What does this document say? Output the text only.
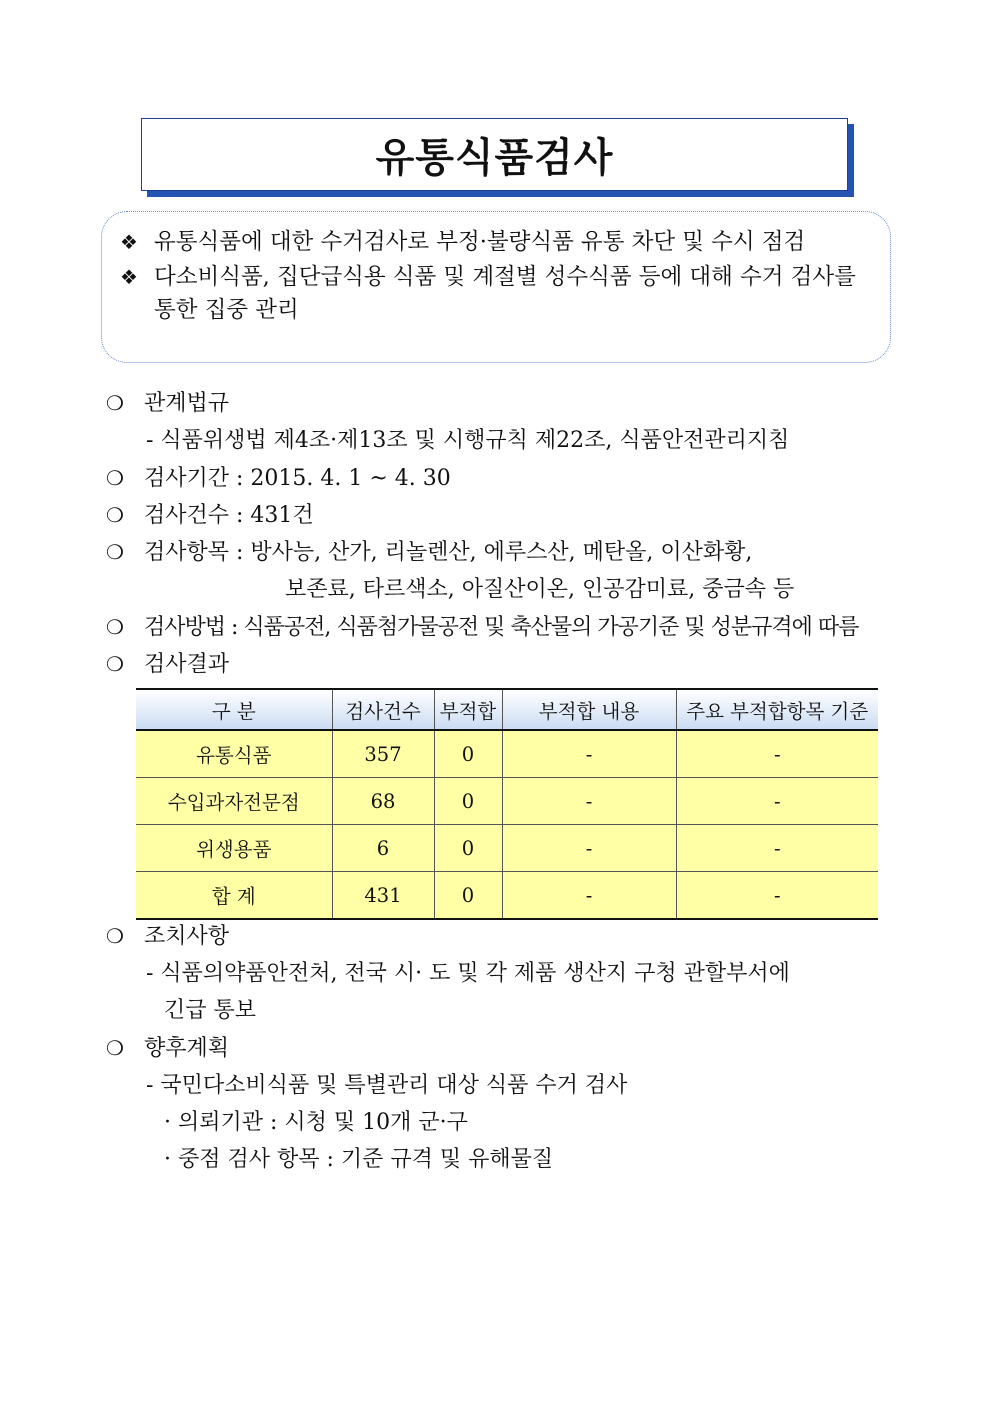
유통식품검사
❖ 유통식품에 대한 수거검사로 부정·불량식품 유통 차단 및 수시 점검
❖ 다소비식품, 집단급식용 식품 및 계절별 성수식품 등에 대해 수거 검사를 통한 집중 관리
❍ 관계법규
- 식품위생법 제4조·제13조 및 시행규칙 제22조, 식품안전관리지침
❍ 검사기간 : 2015. 4. 1 ~ 4. 30
❍ 검사건수 : 431건
❍ 검사항목 : 방사능, 산가, 리놀렌산, 에루스산, 메탄올, 이산화황,
보존료, 타르색소, 아질산이온, 인공감미료, 중금속 등
❍ 검사방법 : 식품공전, 식품첨가물공전 및 축산물의 가공기준 및 성분규격에 따름
❍ 검사결과
구 분	검사건수	부적합	부적합 내용	주요 부적합항목 기준
유통식품	357	0	-	-
수입과자전문점	68	0	-	-
위생용품	6	0	-	-
합 계	431	0	-	-
❍ 조치사항
- 식품의약품안전처, 전국 시· 도 및 각 제품 생산지 구청 관할부서에
긴급 통보
❍ 향후계획
- 국민다소비식품 및 특별관리 대상 식품 수거 검사
· 의뢰기관 : 시청 및 10개 군·구
· 중점 검사 항목 : 기준 규격 및 유해물질
